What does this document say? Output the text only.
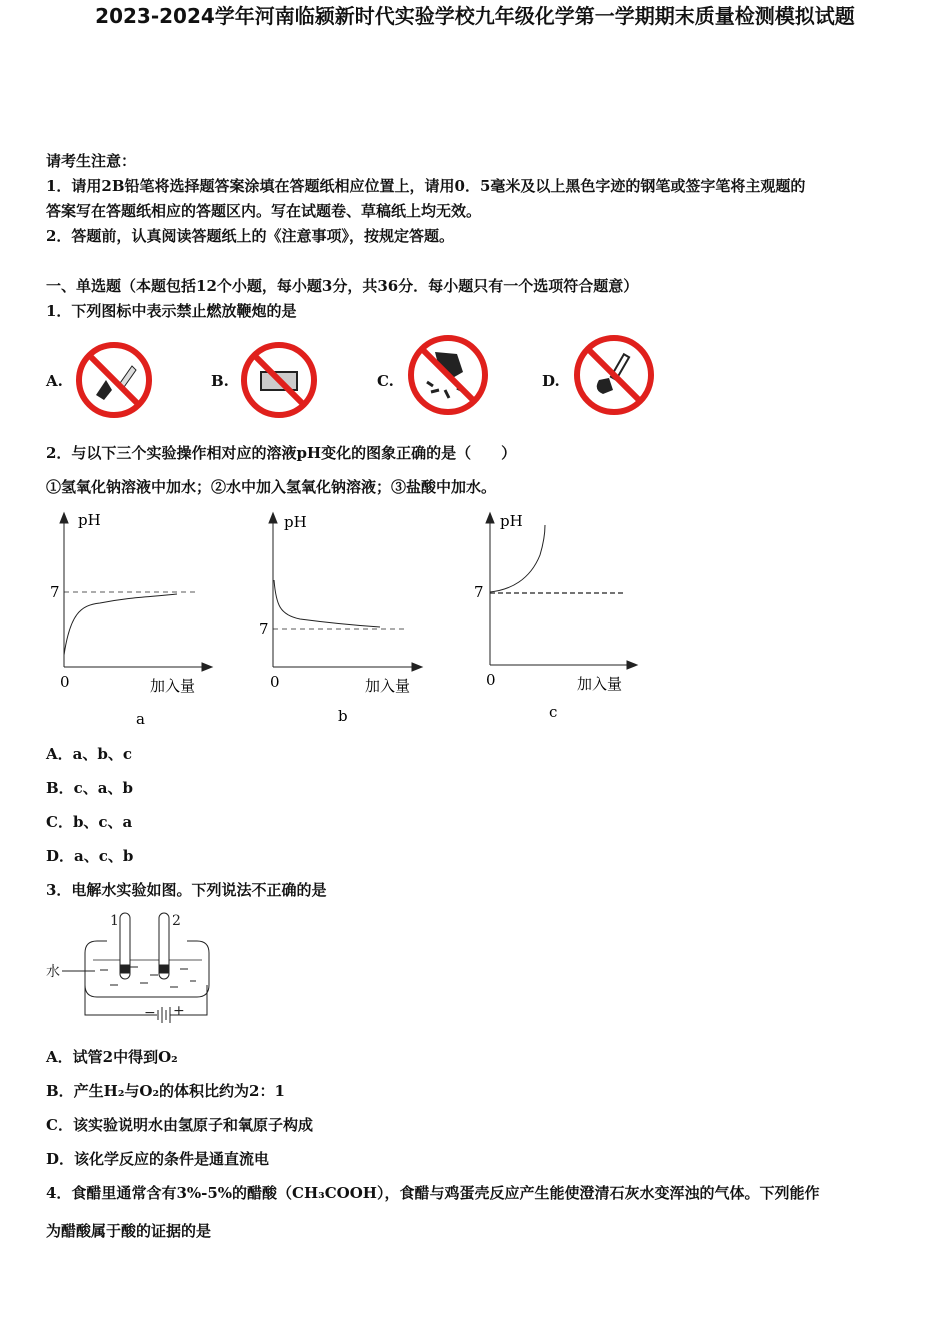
2023-2024学年河南临颍新时代实验学校九年级化学第一学期期末质量检测模拟试题
请考生注意：
1．请用2B铅笔将选择题答案涂填在答题纸相应位置上，请用0．5毫米及以上黑色字迹的钢笔或签字笔将主观题的
答案写在答题纸相应的答题区内。写在试题卷、草稿纸上均无效。
2．答题前，认真阅读答题纸上的《注意事项》，按规定答题。
一、单选题（本题包括12个小题，每小题3分，共36分．每小题只有一个选项符合题意）
1．下列图标中表示禁止燃放鞭炮的是
A.	B.	C.	D.
2．与以下三个实验操作相对应的溶液pH变化的图象正确的是（　　）
①氢氧化钠溶液中加水；②水中加入氢氧化钠溶液；③盐酸中加水。
pH
7
0	加入量
a
pH
7
0	加入量
b
pH
7
0	加入量
c
A．a、b、c
B．c、a、b
C．b、c、a
D．a、c、b
3．电解水实验如图。下列说法不正确的是
1	2
水
− +
A．试管2中得到O₂
B．产生H₂与O₂的体积比约为2：1
C．该实验说明水由氢原子和氧原子构成
D．该化学反应的条件是通直流电
4．食醋里通常含有3%-5%的醋酸（CH₃COOH），食醋与鸡蛋壳反应产生能使澄清石灰水变浑浊的气体。下列能作
为醋酸属于酸的证据的是
